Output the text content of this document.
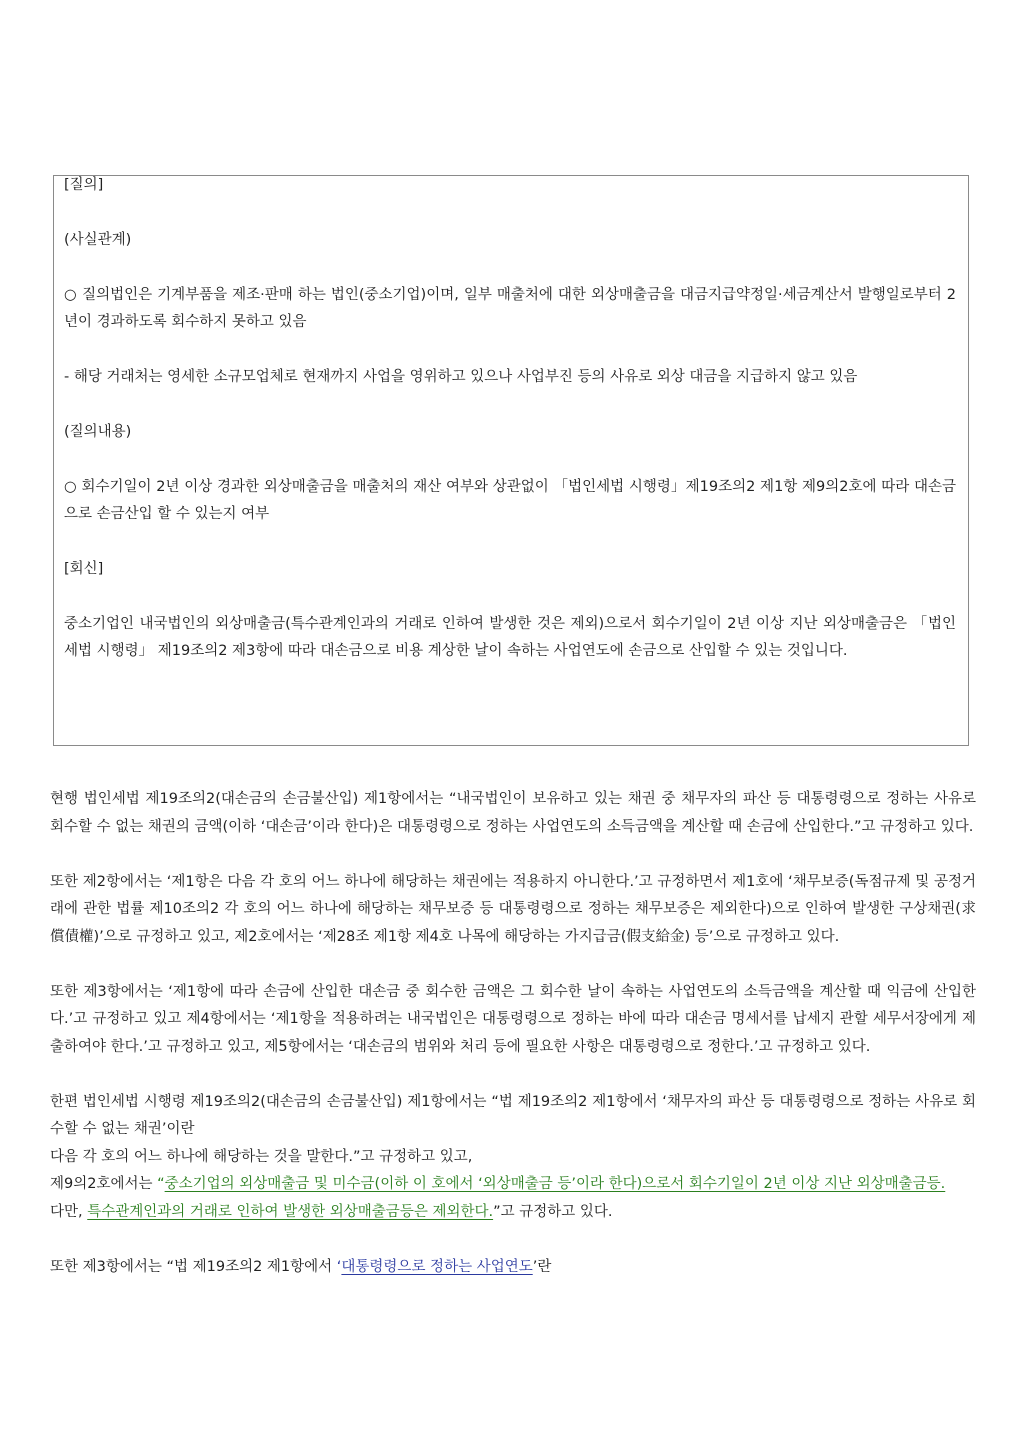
[질의]

(사실관계)

○ 질의법인은 기계부품을 제조·판매 하는 법인(중소기업)이며, 일부 매출처에 대한 외상매출금을 대금지급약정일·세금계산서 발행일로부터 2년이 경과하도록 회수하지 못하고 있음

- 해당 거래처는 영세한 소규모업체로 현재까지 사업을 영위하고 있으나 사업부진 등의 사유로 외상 대금을 지급하지 않고 있음

(질의내용)

○ 회수기일이 2년 이상 경과한 외상매출금을 매출처의 재산 여부와 상관없이 「법인세법 시행령」제19조의2 제1항 제9의2호에 따라 대손금으로 손금산입 할 수 있는지 여부

[회신]

중소기업인 내국법인의 외상매출금(특수관계인과의 거래로 인하여 발생한 것은 제외)으로서 회수기일이 2년 이상 지난 외상매출금은 「법인세법 시행령」 제19조의2 제3항에 따라 대손금으로 비용 계상한 날이 속하는 사업연도에 손금으로 산입할 수 있는 것입니다.

현행 법인세법 제19조의2(대손금의 손금불산입) 제1항에서는 “내국법인이 보유하고 있는 채권 중 채무자의 파산 등 대통령령으로 정하는 사유로 회수할 수 없는 채권의 금액(이하 ‘대손금’이라 한다)은 대통령령으로 정하는 사업연도의 소득금액을 계산할 때 손금에 산입한다.”고 규정하고 있다.

또한 제2항에서는 ‘제1항은 다음 각 호의 어느 하나에 해당하는 채권에는 적용하지 아니한다.’고 규정하면서 제1호에 ‘채무보증(독점규제 및 공정거래에 관한 법률 제10조의2 각 호의 어느 하나에 해당하는 채무보증 등 대통령령으로 정하는 채무보증은 제외한다)으로 인하여 발생한 구상채권(求償債權)’으로 규정하고 있고, 제2호에서는 ‘제28조 제1항 제4호 나목에 해당하는 가지급금(假支給金) 등’으로 규정하고 있다.

또한 제3항에서는 ‘제1항에 따라 손금에 산입한 대손금 중 회수한 금액은 그 회수한 날이 속하는 사업연도의 소득금액을 계산할 때 익금에 산입한다.’고 규정하고 있고 제4항에서는 ‘제1항을 적용하려는 내국법인은 대통령령으로 정하는 바에 따라 대손금 명세서를 납세지 관할 세무서장에게 제출하여야 한다.’고 규정하고 있고, 제5항에서는 ‘대손금의 범위와 처리 등에 필요한 사항은 대통령령으로 정한다.’고 규정하고 있다.

한편 법인세법 시행령 제19조의2(대손금의 손금불산입) 제1항에서는 “법 제19조의2 제1항에서 ‘채무자의 파산 등 대통령령으로 정하는 사유로 회수할 수 없는 채권’이란

다음 각 호의 어느 하나에 해당하는 것을 말한다.”고 규정하고 있고,

제9의2호에서는 “중소기업의 외상매출금 및 미수금(이하 이 호에서 ‘외상매출금 등’이라 한다)으로서 회수기일이 2년 이상 지난 외상매출금등.

다만, 특수관계인과의 거래로 인하여 발생한 외상매출금등은 제외한다.”고 규정하고 있다.

또한 제3항에서는 “법 제19조의2 제1항에서 ‘대통령령으로 정하는 사업연도’란
